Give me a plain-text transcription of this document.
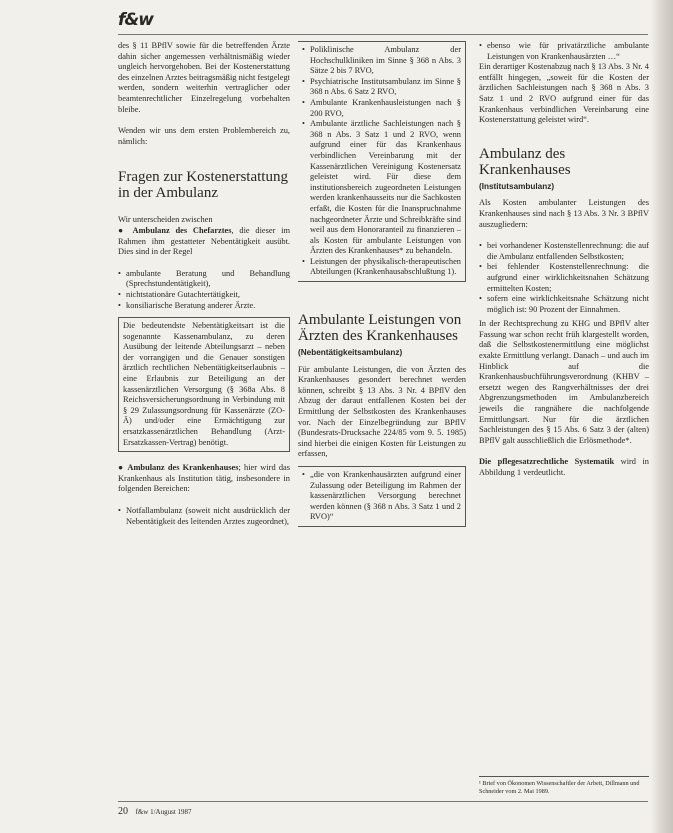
f&w

des § 11 BPflV sowie für die betreffenden Ärzte dahin sicher angemessen verhältnismäßig wieder ungleich hervorgehoben. Bei der Kostenerstattung des einzelnen Arztes beitragsmäßig nicht festgelegt werden, sondern weiterhin vertraglicher oder beamtenrechtlicher Einzelregelung vorbehalten bleibe.

Wenden wir uns dem ersten Problembereich zu, nämlich:

Fragen zur Kostenerstattung in der Ambulanz

Wir unterscheiden zwischen

● Ambulanz des Chefarztes, die dieser im Rahmen ihm gestatteter Nebentätigkeit ausübt. Dies sind in der Regel

• ambulante Beratung und Behandlung (Sprechstundentätigkeit),
• nichtstationäre Gutachtertätigkeit,
• konsiliarische Beratung anderer Ärzte.

Die bedeutendste Nebentätigkeitsart ist die sogenannte Kassenambulanz, zu deren Ausübung der leitende Abteilungsarzt – neben der vorrangigen und die Genauer sonstigen ärztlich rechtlichen Nebentätigkeitserlaubnis – eine Erlaubnis zur Beteiligung an der kassenärztlichen Versorgung (§ 368a Abs. 8 Reichsversicherungsordnung in Verbindung mit § 29 Zulassungsordnung für Kassenärzte (ZO-Ä) und/oder eine Ermächtigung zur ersatzkassenärztlichen Behandlung (Arzt-Ersatzkassen-Vertrag) benötigt.

● Ambulanz des Krankenhauses; hier wird das Krankenhaus als Institution tätig, insbesondere in folgenden Bereichen:

• Notfallambulanz (soweit nicht ausdrücklich der Nebentätigkeit des leitenden Arztes zugeordnet),
• Poliklinische Ambulanz der Hochschulkliniken im Sinne § 368 n Abs. 3 Sätze 2 bis 7 RVO,
• Psychiatrische Institutsambulanz im Sinne § 368 n Abs. 6 Satz 2 RVO,
• Ambulante Krankenhausleistungen nach § 200 RVO,
• Ambulante ärztliche Sachleistungen nach § 368 n Abs. 3 Satz 1 und 2 RVO, wenn aufgrund einer für das Krankenhaus verbindlichen Vereinbarung mit der Kassenärztlichen Vereinigung Kostenersatz geleistet wird. Für diese dem institutionsbereich zugeordneten Leistungen werden krankenhausseits nur die Sachkosten erfaßt, die Kosten für die Inanspruchnahme nachgeordneter Ärzte und Schreibkräfte sind weil aus dem Honoraranteil zu finanzieren – als Kosten für ambulante Leistungen von Ärzten des Krankenhauses* zu behandeln.
• Leistungen der physikalisch-therapeutischen Abteilungen (Krankenhausabschlußtung 1).
Ambulante Leistungen von Ärzten des Krankenhauses
(Nebentätigkeitsambulanz)

Für ambulante Leistungen, die von Ärzten des Krankenhauses gesondert berechnet werden können, schreibt § 13 Abs. 3 Nr. 4 BPflV den Abzug der daraut entfallenen Kosten bei der Ermittlung der Selbstkosten des Krankenhauses vor. Nach der Einzelbegründung zur BPflV (Bundesrats-Drucksache 224/85 vom 9. 5. 1985) sind hierbei die einigen Kosten für Leistungen zu erfassen,

• „die von Krankenhausärzten aufgrund einer Zulassung oder Beteiligung im Rahmen der kassenärztlichen Versorgung berechnet werden können (§ 368 n Abs. 3 Satz 1 und 2 RVO)“
• ebenso wie für privatärztliche ambulante Leistungen von Krankenhausärzten …“

Ein derartiger Kostenabzug nach § 13 Abs. 3 Nr. 4 entfällt hingegen, „soweit für die Kosten der ärztlichen Sachleistungen nach § 368 n Abs. 3 Satz 1 und 2 RVO aufgrund einer für das Krankenhaus verbindlichen Vereinbarung eine Kostenerstattung geleistet wird“.

Ambulanz des Krankenhauses
(Institutsambulanz)

Als Kosten ambulanter Leistungen des Krankenhauses sind nach § 13 Abs. 3 Nr. 3 BPflV auszugliedern:

• bei vorhandener Kostenstellenrechnung: die auf die Ambulanz entfallenden Selbstkosten;
• bei fehlender Kostenstellenrechnung: die aufgrund einer wirklichkeitsnahen Schätzung ermittelten Kosten;
• sofern eine wirklichkeitsnahe Schätzung nicht möglich ist: 90 Prozent der Einnahmen.

In der Rechtsprechung zu KHG und BPflV alter Fassung war schon recht früh klargestellt worden, daß die Selbstkostenermittlung eine möglichst exakte Ermittlung verlangt. Danach – und auch im Hinblick auf die Krankenhausbuchführungsverordnung (KHBV – ersetzt wegen des Rangverhältnisses der drei Abgrenzungsmethoden im Ambulanzbereich jeweils die rangnähere die nachfolgende Ermittlungsart. Nur für die ärztlichen Sachleistungen des § 15 Abs. 6 Satz 3 der (alten) BPflV galt ausschließlich die Erlösmethode*.

Die pflegesatzrechtliche Systematik wird in Abbildung 1 verdeutlicht.

¹ Brief von Ökonomen Wissenschaftler der Arbeit, Dillmann und Schneider vom 2. Mai 1989.
20 f&w 1/August 1987
